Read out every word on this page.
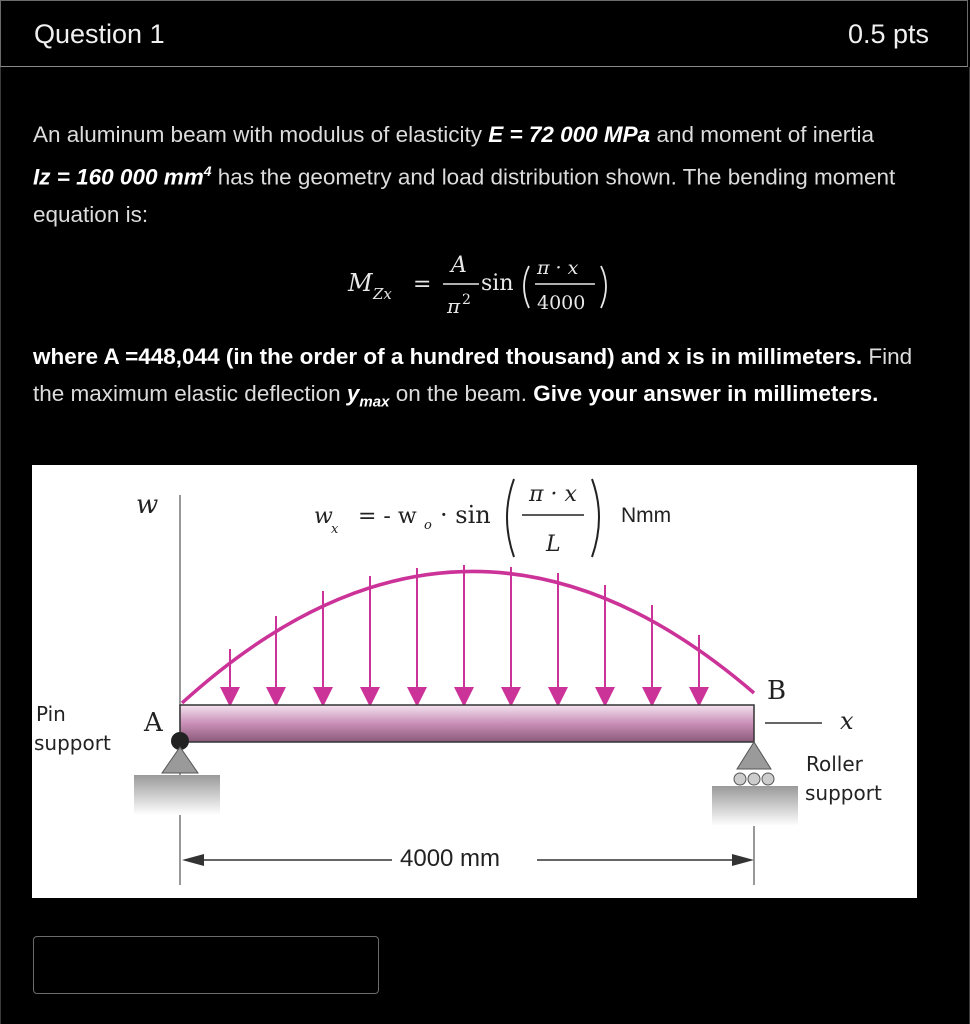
Question 1	0.5 pts
An aluminum beam with modulus of elasticity E = 72 000 MPa and moment of inertia
Iz = 160 000 $mm^4$ has the geometry and load distribution shown. The bending moment equation is:
M Zx =
A
π 2
sin
π · x
4000
where A =448,044 (in the order of a hundred thousand) and x is in millimeters. Find the maximum elastic deflection $y_{max}$ on the beam. Give your answer in millimeters.
w	w
x
= - w o · sin
π · x
L
Nmm
Pin
support
A
B
x
Roller
support
4000 mm
